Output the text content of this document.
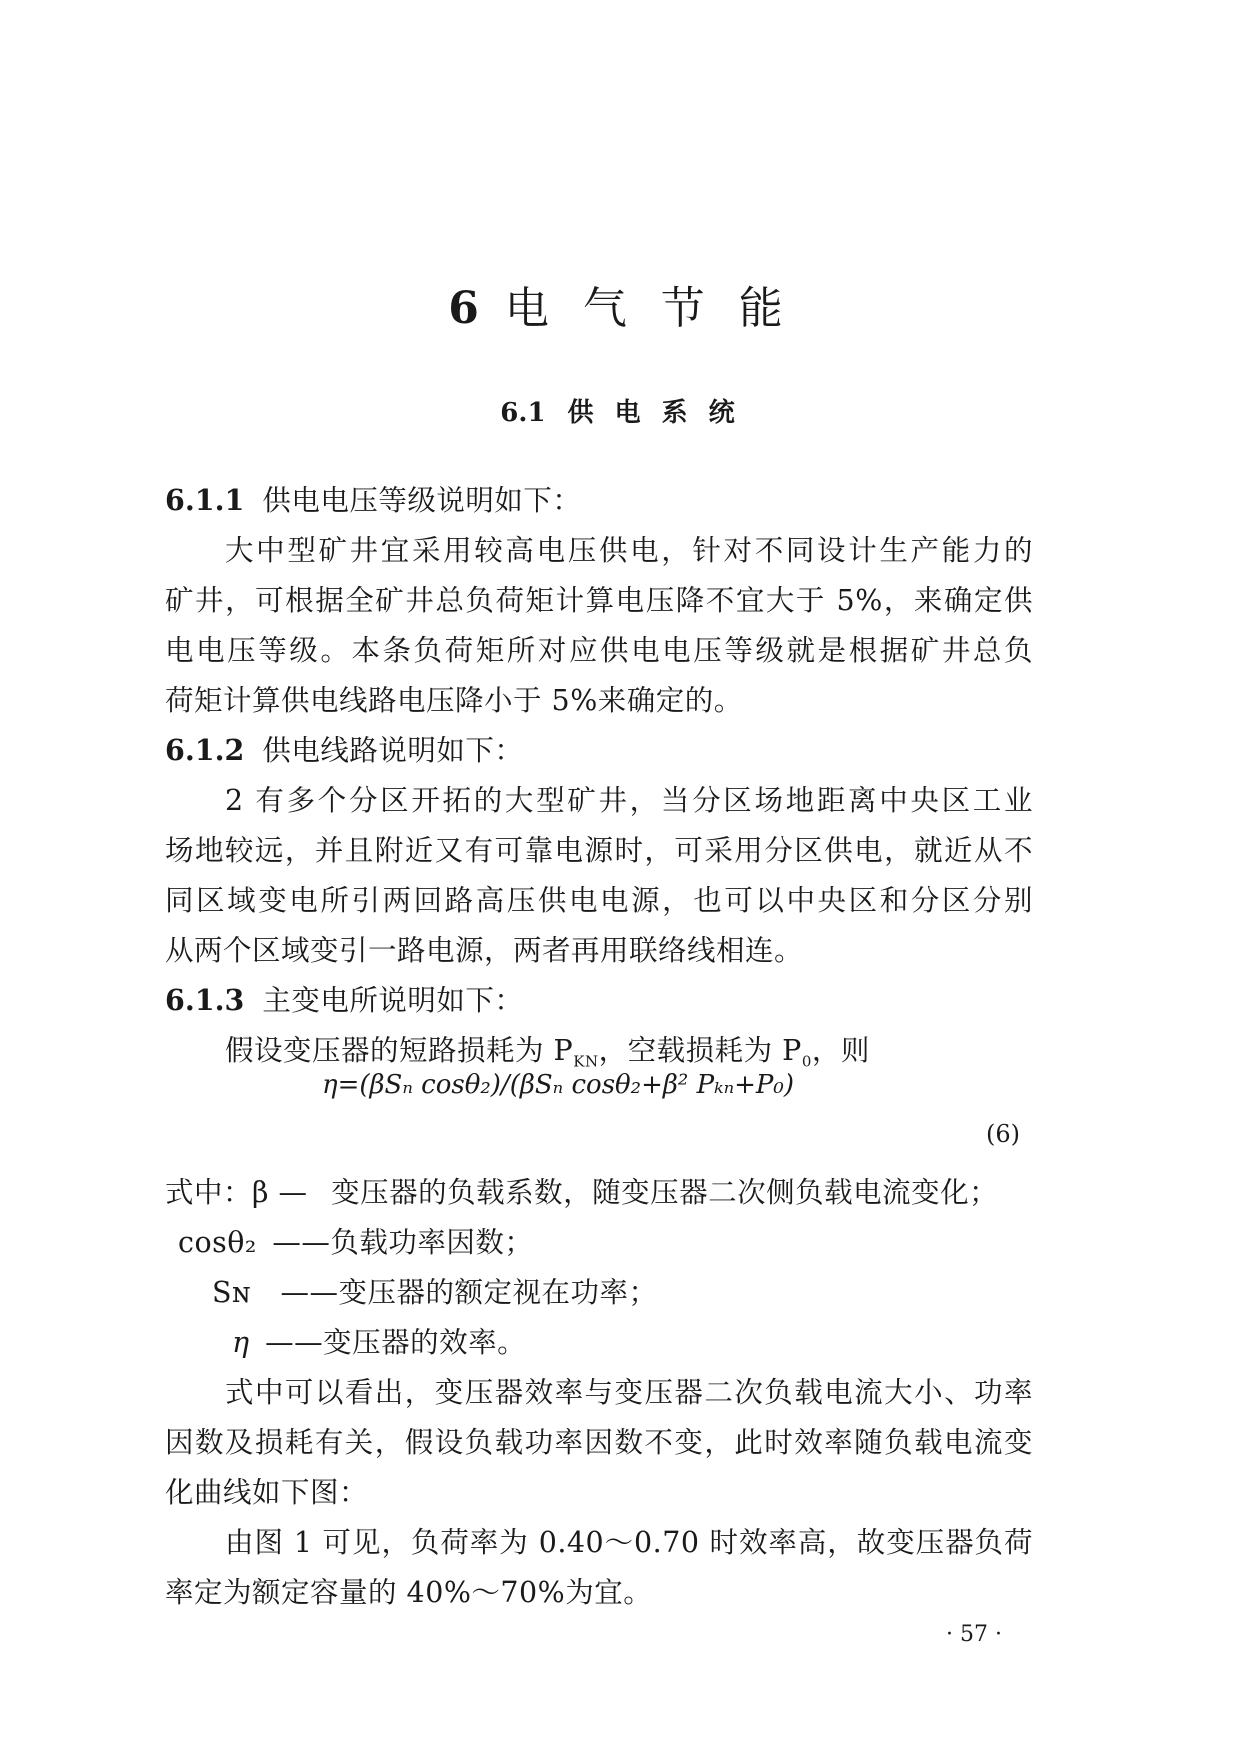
6 电 气 节 能
6.1 供 电 系 统
6.1.1 供电电压等级说明如下：
大中型矿井宜采用较高电压供电，针对不同设计生产能力的
矿井，可根据全矿井总负荷矩计算电压降不宜大于 5%，来确定供
电电压等级。本条负荷矩所对应供电电压等级就是根据矿井总负
荷矩计算供电线路电压降小于 5%来确定的。
6.1.2 供电线路说明如下：
2 有多个分区开拓的大型矿井，当分区场地距离中央区工业
场地较远，并且附近又有可靠电源时，可采用分区供电，就近从不
同区域变电所引两回路高压供电电源，也可以中央区和分区分别
从两个区域变引一路电源，两者再用联络线相连。
6.1.3 主变电所说明如下：
假设变压器的短路损耗为 $P_{KN}$，空载损耗为 $P_0$，则
η=(βSₙ cosθ₂)/(βSₙ cosθ₂+β² Pₖₙ+P₀)
(6)
式中：β — 变压器的负载系数，随变压器二次侧负载电流变化；
cosθ₂ ——负载功率因数；
Sɴ ——变压器的额定视在功率；
η ——变压器的效率。
式中可以看出，变压器效率与变压器二次负载电流大小、功率
因数及损耗有关，假设负载功率因数不变，此时效率随负载电流变
化曲线如下图：
由图 1 可见，负荷率为 0.40～0.70 时效率高，故变压器负荷
率定为额定容量的 40%～70%为宜。
· 57 ·
